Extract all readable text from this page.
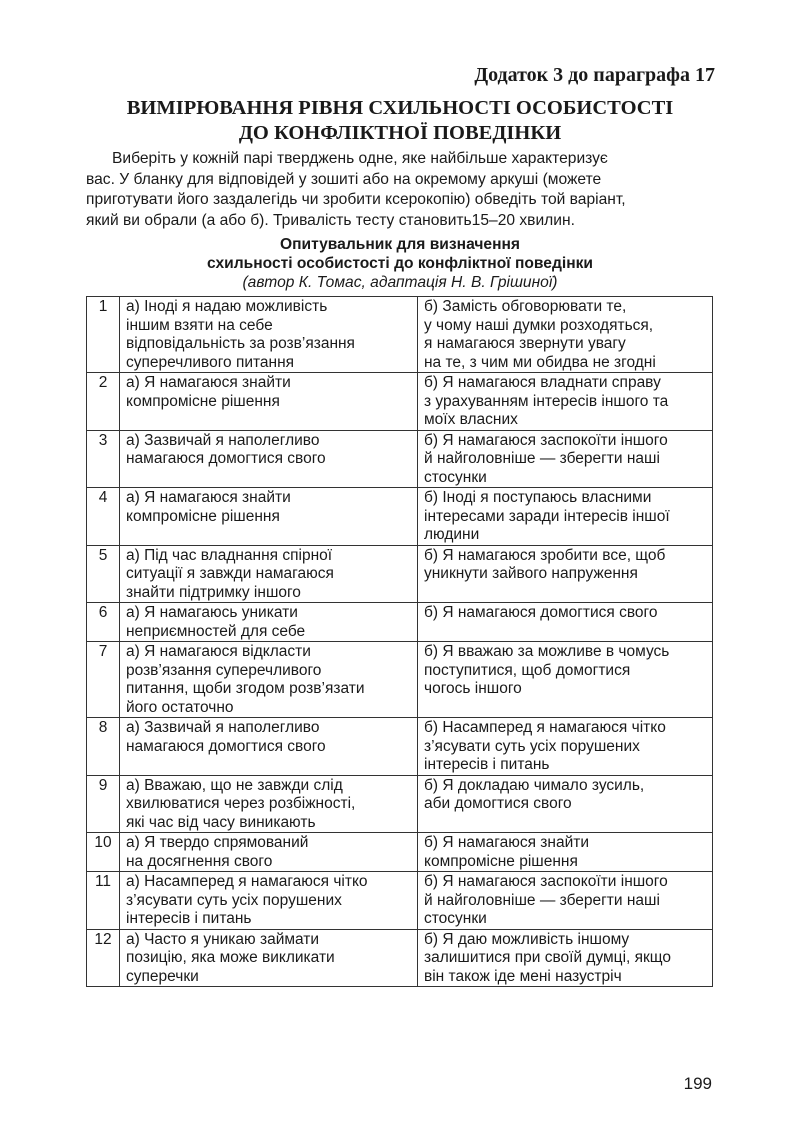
Додаток 3 до параграфа 17
ВИМІРЮВАННЯ РІВНЯ СХИЛЬНОСТІ ОСОБИСТОСТІ
ДО КОНФЛІКТНОЇ ПОВЕДІНКИ

Виберіть у кожній парі тверджень одне, яке найбільше характеризує
вас. У бланку для відповідей у зошиті або на окремому аркуші (можете
приготувати його заздалегідь чи зробити ксерокопію) обведіть той варіант,
який ви обрали (а або б). Тривалість тесту становить15–20 хвилин.

Опитувальник для визначення
схильності особистості до конфліктної поведінки
(автор К. Томас, адаптація Н. В. Грішиної)
1	а) Іноді я надаю можливість
іншим взяти на себе
відповідальність за розв’язання
суперечливого питання	б) Замість обговорювати те,
у чому наші думки розходяться,
я намагаюся звернути увагу
на те, з чим ми обидва не згодні

2	а) Я намагаюся знайти
компромісне рішення	б) Я намагаюся владнати справу
з урахуванням інтересів іншого та
моїх власних

3	а) Зазвичай я наполегливо
намагаюся домогтися свого	б) Я намагаюся заспокоїти іншого
й найголовніше — зберегти наші
стосунки

4	а) Я намагаюся знайти
компромісне рішення	б) Іноді я поступаюсь власними
інтересами заради інтересів іншої
людини

5	а) Під час владнання спірної
ситуації я завжди намагаюся
знайти підтримку іншого	б) Я намагаюся зробити все, щоб
уникнути зайвого напруження

6	а) Я намагаюсь уникати
неприємностей для себе	б) Я намагаюся домогтися свого

7	а) Я намагаюся відкласти
розв’язання суперечливого
питання, щоби згодом розв’язати
його остаточно	б) Я вважаю за можливе в чомусь
поступитися, щоб домогтися
чогось іншого

8	а) Зазвичай я наполегливо
намагаюся домогтися свого	б) Насамперед я намагаюся чітко
з’ясувати суть усіх порушених
інтересів і питань

9	а) Вважаю, що не завжди слід
хвилюватися через розбіжності,
які час від часу виникають	б) Я докладаю чимало зусиль,
аби домогтися свого

10	а) Я твердо спрямований
на досягнення свого	б) Я намагаюся знайти
компромісне рішення

11	а) Насамперед я намагаюся чітко
з’ясувати суть усіх порушених
інтересів і питань	б) Я намагаюся заспокоїти іншого
й найголовніше — зберегти наші
стосунки

12	а) Часто я уникаю займати
позицію, яка може викликати
суперечки	б) Я даю можливість іншому
залишитися при своїй думці, якщо
він також іде мені назустріч
199
